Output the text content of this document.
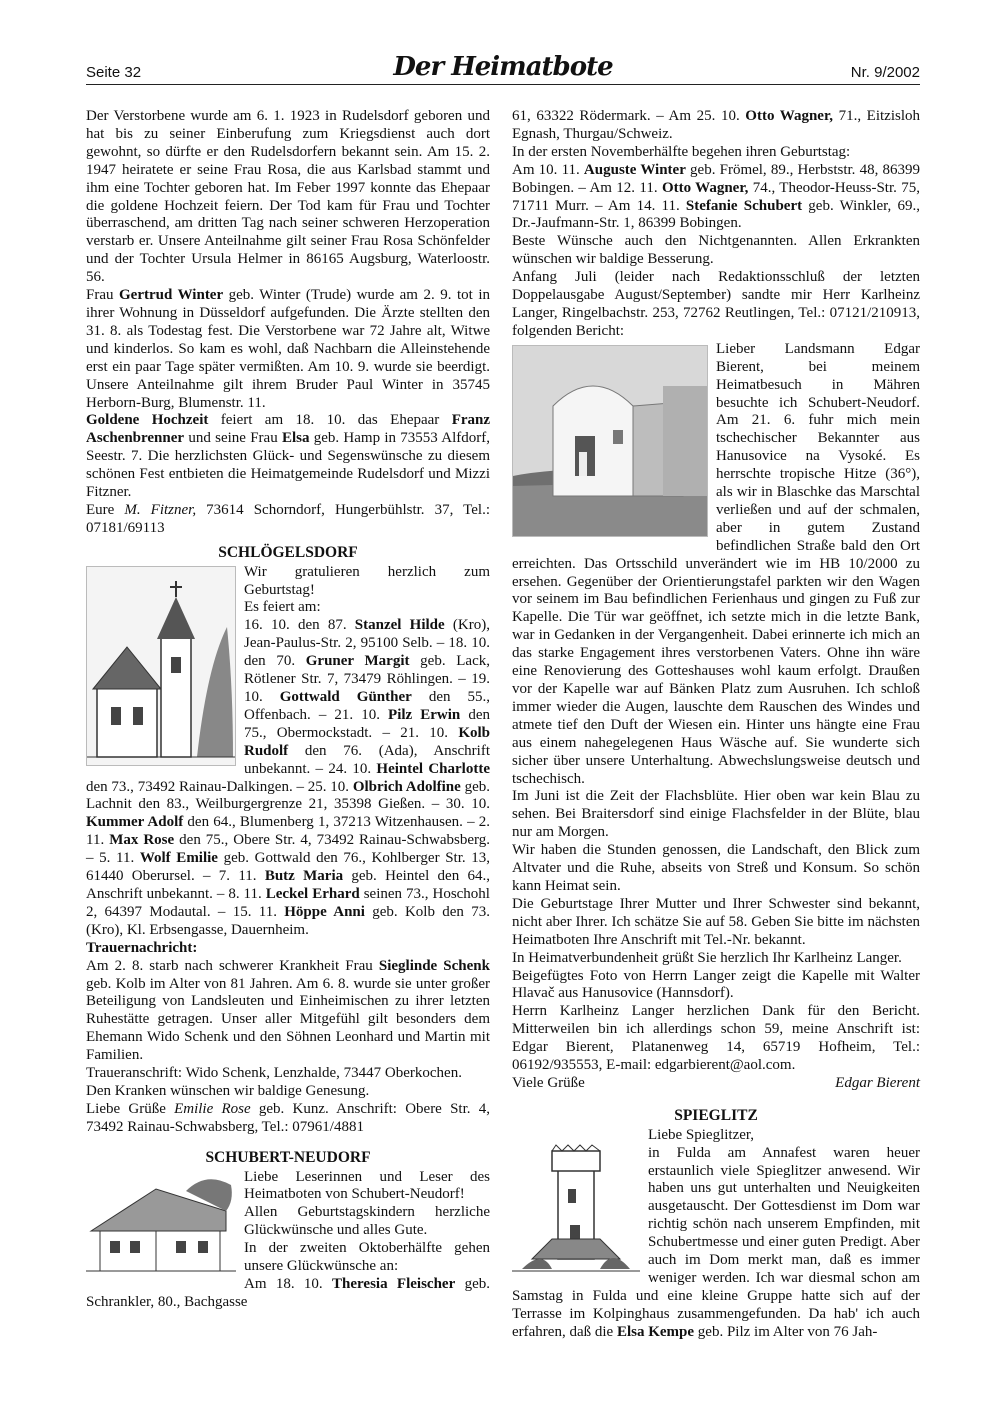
Seite 32	Der Heimatbote	Nr. 9/2002

Der Verstorbene wurde am 6. 1. 1923 in Rudelsdorf geboren und hat bis zu seiner Einberufung zum Kriegsdienst auch dort gewohnt, so dürfte er den Rudelsdorfern bekannt sein. Am 15. 2. 1947 heiratete er seine Frau Rosa, die aus Karlsbad stammt und ihm eine Tochter geboren hat. Im Feber 1997 konnte das Ehepaar die goldene Hochzeit feiern. Der Tod kam für Frau und Tochter überraschend, am dritten Tag nach seiner schweren Herzoperation verstarb er. Unsere Anteilnahme gilt seiner Frau Rosa Schönfelder und der Tochter Ursula Helmer in 86165 Augsburg, Waterloostr. 56.

Frau Gertrud Winter geb. Winter (Trude) wurde am 2. 9. tot in ihrer Wohnung in Düsseldorf aufgefunden. Die Ärzte stellten den 31. 8. als Todestag fest. Die Verstorbene war 72 Jahre alt, Witwe und kinderlos. So kam es wohl, daß Nachbarn die Alleinstehende erst ein paar Tage später vermißten. Am 10. 9. wurde sie beerdigt. Unsere Anteilnahme gilt ihrem Bruder Paul Winter in 35745 Herborn-Burg, Blumenstr. 11.

Goldene Hochzeit feiert am 18. 10. das Ehepaar Franz Aschenbrenner und seine Frau Elsa geb. Hamp in 73553 Alfdorf, Seestr. 7. Die herzlichsten Glück- und Segenswünsche zu diesem schönen Fest entbieten die Heimatgemeinde Rudelsdorf und Mizzi Fitzner.

Eure M. Fitzner, 73614 Schorndorf, Hungerbühlstr. 37, Tel.: 07181/69113

SCHLÖGELSDORF

Wir gratulieren herzlich zum Geburtstag!

Es feiert am:

16. 10. den 87. Stanzel Hilde (Kro), Jean-Paulus-Str. 2, 95100 Selb. – 18. 10. den 70. Gruner Margit geb. Lack, Rötlener Str. 7, 73479 Röhlingen. – 19. 10. Gottwald Günther den 55., Offenbach. – 21. 10. Pilz Erwin den 75., Obermockstadt. – 21. 10. Kolb Rudolf den 76. (Ada), Anschrift unbekannt. – 24. 10. Heintel Charlotte den 73., 73492 Rainau-Dalkingen. – 25. 10. Olbrich Adolfine geb. Lachnit den 83., Weilburgergrenze 21, 35398 Gießen. – 30. 10. Kummer Adolf den 64., Blumenberg 1, 37213 Witzenhausen. – 2. 11. Max Rose den 75., Obere Str. 4, 73492 Rainau-Schwabsberg. – 5. 11. Wolf Emilie geb. Gottwald den 76., Kohlberger Str. 13, 61440 Oberursel. – 7. 11. Butz Maria geb. Heintel den 64., Anschrift unbekannt. – 8. 11. Leckel Erhard seinen 73., Hoschohl 2, 64397 Modautal. – 15. 11. Höppe Anni geb. Kolb den 73. (Kro), Kl. Erbsengasse, Dauernheim.

Trauernachricht:

Am 2. 8. starb nach schwerer Krankheit Frau Sieglinde Schenk geb. Kolb im Alter von 81 Jahren. Am 6. 8. wurde sie unter großer Beteiligung von Landsleuten und Einheimischen zu ihrer letzten Ruhestätte getragen. Unser aller Mitgefühl gilt besonders dem Ehemann Wido Schenk und den Söhnen Leonhard und Martin mit Familien.

Traueranschrift: Wido Schenk, Lenzhalde, 73447 Oberkochen.

Den Kranken wünschen wir baldige Genesung.

Liebe Grüße Emilie Rose geb. Kunz. Anschrift: Obere Str. 4, 73492 Rainau-Schwabsberg, Tel.: 07961/4881

SCHUBERT-NEUDORF

Liebe Leserinnen und Leser des Heimatboten von Schubert-Neudorf!

Allen Geburtstagskindern herzliche Glückwünsche und alles Gute.

In der zweiten Oktoberhälfte gehen unsere Glückwünsche an:

Am 18. 10. Theresia Fleischer geb. Schrankler, 80., Bachgasse

61, 63322 Rödermark. – Am 25. 10. Otto Wagner, 71., Eitzisloh Egnash, Thurgau/Schweiz.

In der ersten Novemberhälfte begehen ihren Geburtstag:

Am 10. 11. Auguste Winter geb. Frömel, 89., Herbststr. 48, 86399 Bobingen. – Am 12. 11. Otto Wagner, 74., Theodor-Heuss-Str. 75, 71711 Murr. – Am 14. 11. Stefanie Schubert geb. Winkler, 69., Dr.-Jaufmann-Str. 1, 86399 Bobingen.

Beste Wünsche auch den Nichtgenannten. Allen Erkrankten wünschen wir baldige Besserung.

Anfang Juli (leider nach Redaktionsschluß der letzten Doppelausgabe August/September) sandte mir Herr Karlheinz Langer, Ringelbachstr. 253, 72762 Reutlingen, Tel.: 07121/210913, folgenden Bericht:

Lieber Landsmann Edgar Bierent, bei meinem Heimatbesuch in Mähren besuchte ich Schubert-Neudorf. Am 21. 6. fuhr mich mein tschechischer Bekannter aus Hanusovice na Vysoké. Es herrschte tropische Hitze (36°), als wir in Blaschke das Marschtal verließen und auf der schmalen, aber in gutem Zustand befindlichen Straße bald den Ort erreichten. Das Ortsschild unverändert wie im HB 10/2000 zu ersehen. Gegenüber der Orientierungstafel parkten wir den Wagen vor seinem im Bau befindlichen Ferienhaus und gingen zu Fuß zur Kapelle. Die Tür war geöffnet, ich setzte mich in die letzte Bank, war in Gedanken in der Vergangenheit. Dabei erinnerte ich mich an das starke Engagement ihres verstorbenen Vaters. Ohne ihn wäre eine Renovierung des Gotteshauses wohl kaum erfolgt. Draußen vor der Kapelle war auf Bänken Platz zum Ausruhen. Ich schloß immer wieder die Augen, lauschte dem Rauschen des Windes und atmete tief den Duft der Wiesen ein. Hinter uns hängte eine Frau aus einem nahegelegenen Haus Wäsche auf. Sie wunderte sich sicher über unsere Unterhaltung. Abwechslungsweise deutsch und tschechisch.

Im Juni ist die Zeit der Flachsblüte. Hier oben war kein Blau zu sehen. Bei Braitersdorf sind einige Flachsfelder in der Blüte, blau nur am Morgen.

Wir haben die Stunden genossen, die Landschaft, den Blick zum Altvater und die Ruhe, abseits von Streß und Konsum. So schön kann Heimat sein.

Die Geburtstage Ihrer Mutter und Ihrer Schwester sind bekannt, nicht aber Ihrer. Ich schätze Sie auf 58. Geben Sie bitte im nächsten Heimatboten Ihre Anschrift mit Tel.-Nr. bekannt.

In Heimatverbundenheit grüßt Sie herzlich Ihr Karlheinz Langer.

Beigefügtes Foto von Herrn Langer zeigt die Kapelle mit Walter Hlavač aus Hanusovice (Hannsdorf).

Herrn Karlheinz Langer herzlichen Dank für den Bericht. Mitterweilen bin ich allerdings schon 59, meine Anschrift ist: Edgar Bierent, Platanenweg 14, 65719 Hofheim, Tel.: 06192/935553, E-mail: edgarbierent@aol.com.

Viele Grüße	Edgar Bierent

SPIEGLITZ

Liebe Spieglitzer,

in Fulda am Annafest waren heuer erstaunlich viele Spieglitzer anwesend. Wir haben uns gut unterhalten und Neuigkeiten ausgetauscht. Der Gottesdienst im Dom war richtig schön nach unserem Empfinden, mit Schubertmesse und einer guten Predigt. Aber auch im Dom merkt man, daß es immer weniger werden. Ich war diesmal schon am Samstag in Fulda und eine kleine Gruppe hatte sich auf der Terrasse im Kolpinghaus zusammengefunden. Da hab' ich auch erfahren, daß die Elsa Kempe geb. Pilz im Alter von 76 Jah-
